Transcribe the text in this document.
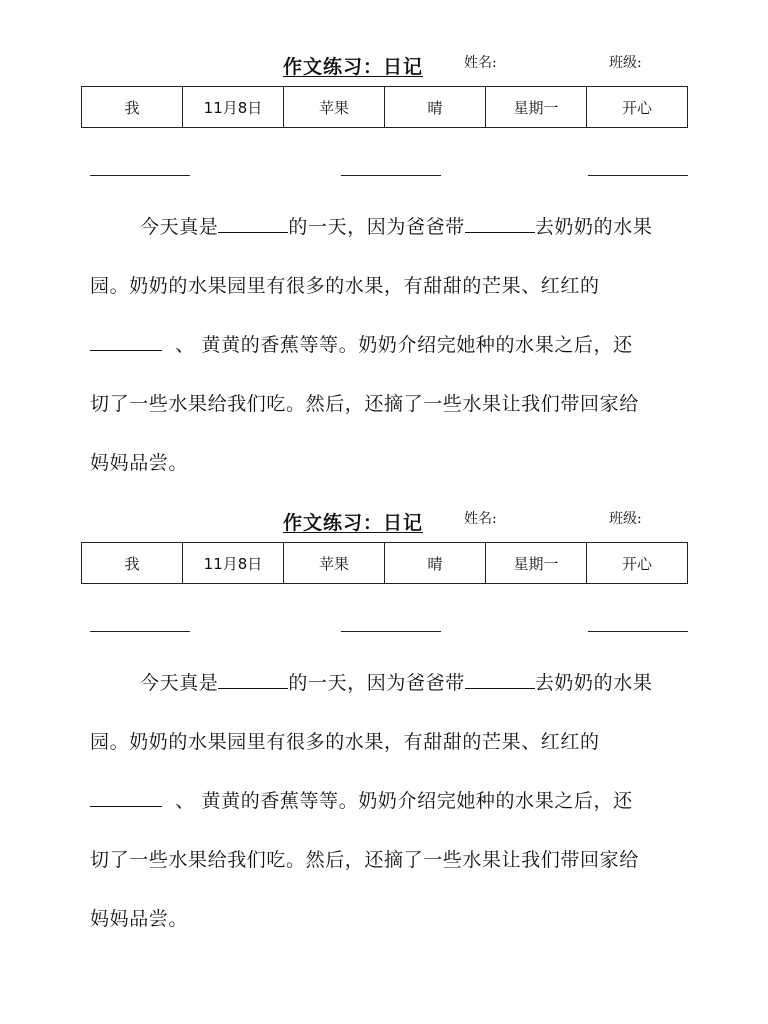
作文练习：日记	姓名:	班级:
我	11月8日	苹果	晴	星期一	开心
今天真是	的一天，因为爸爸带	去奶奶的水果
园。奶奶的水果园里有很多的水果，有甜甜的芒果、红红的
、 黄黄的香蕉等等。奶奶介绍完她种的水果之后，还
切了一些水果给我们吃。然后，还摘了一些水果让我们带回家给
妈妈品尝。
作文练习：日记	姓名:	班级:
我	11月8日	苹果	晴	星期一	开心
今天真是	的一天，因为爸爸带	去奶奶的水果
园。奶奶的水果园里有很多的水果，有甜甜的芒果、红红的
、 黄黄的香蕉等等。奶奶介绍完她种的水果之后，还
切了一些水果给我们吃。然后，还摘了一些水果让我们带回家给
妈妈品尝。
